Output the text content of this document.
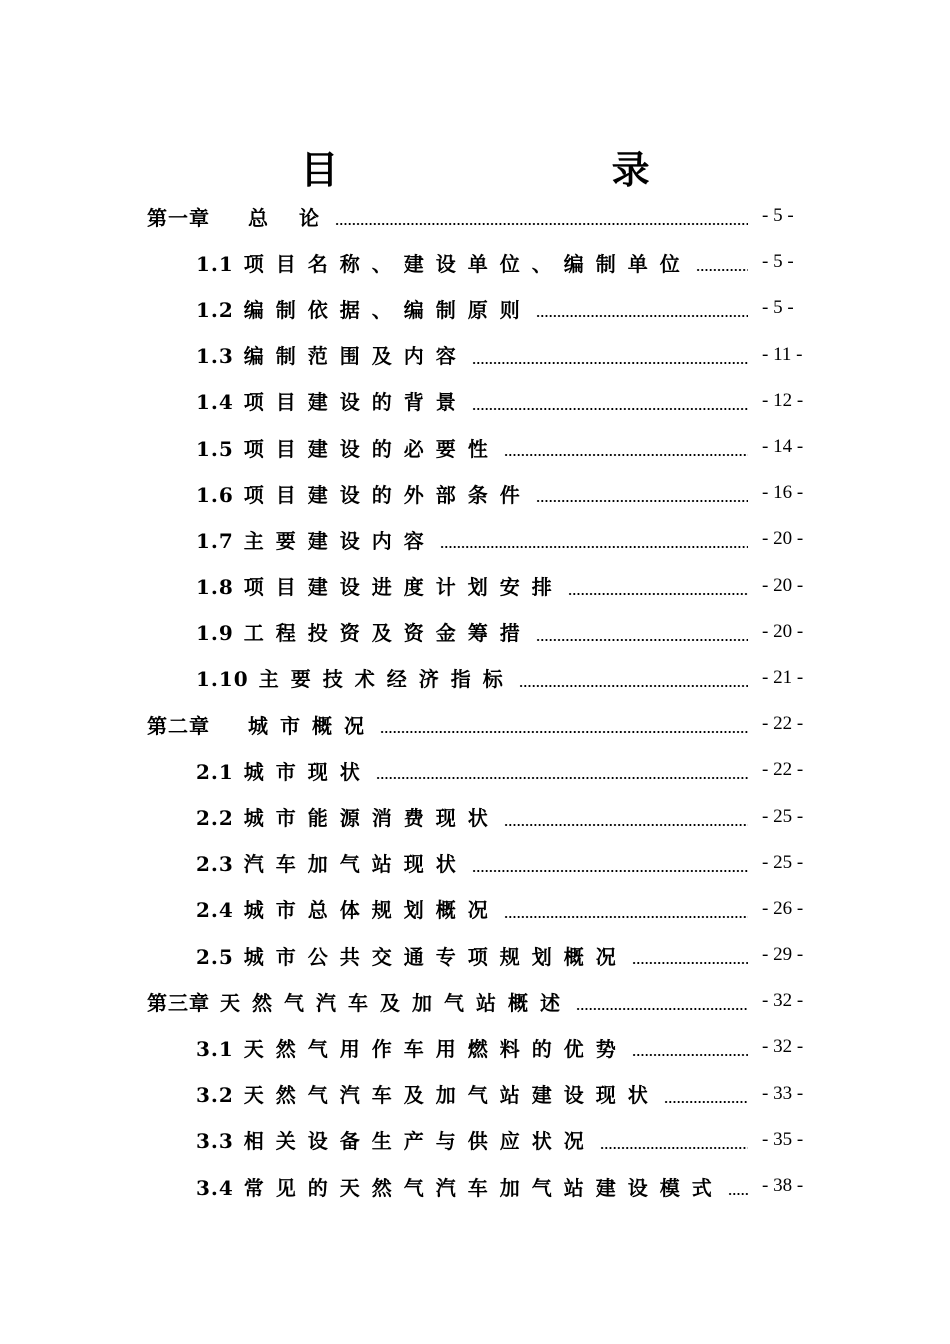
目 录
第一章 总 论	- 5 -
1.1 项目名称、建设单位、编制单位	- 5 -
1.2 编制依据、编制原则	- 5 -
1.3 编制范围及内容	- 11 -
1.4 项目建设的背景	- 12 -
1.5 项目建设的必要性	- 14 -
1.6 项目建设的外部条件	- 16 -
1.7 主要建设内容	- 20 -
1.8 项目建设进度计划安排	- 20 -
1.9 工程投资及资金筹措	- 20 -
1.10 主要技术经济指标	- 21 -
第二章 城市概况	- 22 -
2.1 城市现状	- 22 -
2.2 城市能源消费现状	- 25 -
2.3 汽车加气站现状	- 25 -
2.4 城市总体规划概况	- 26 -
2.5 城市公共交通专项规划概况	- 29 -
第三章 天然气汽车及加气站概述	- 32 -
3.1 天然气用作车用燃料的优势	- 32 -
3.2 天然气汽车及加气站建设现状	- 33 -
3.3 相关设备生产与供应状况	- 35 -
3.4 常见的天然气汽车加气站建设模式 - 38 -
